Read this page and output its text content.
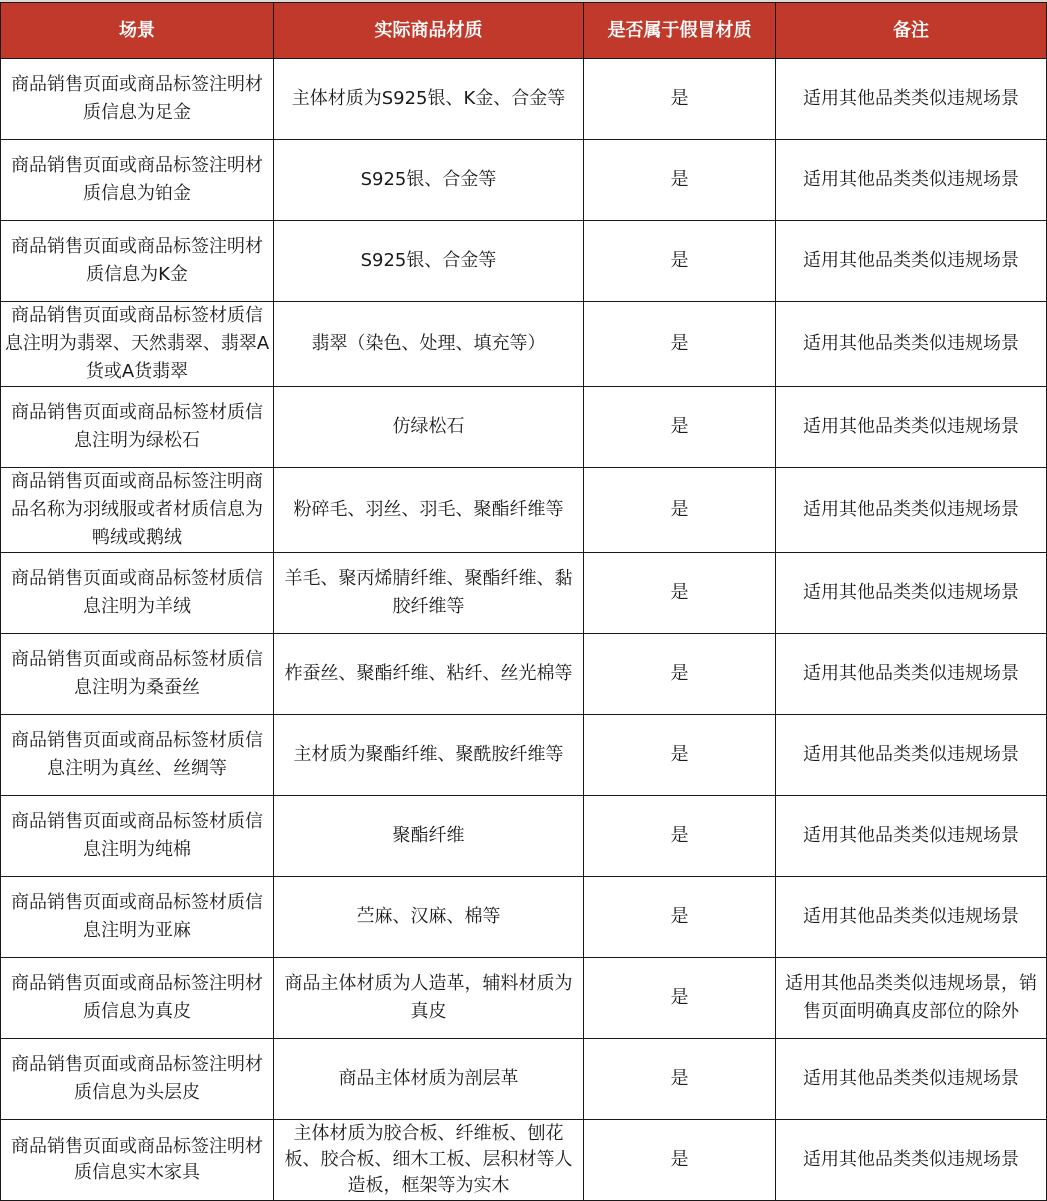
场景	实际商品材质	是否属于假冒材质	备注
商品销售页面或商品标签注明材质信息为足金	主体材质为S925银、K金、合金等	是	适用其他品类类似违规场景
商品销售页面或商品标签注明材质信息为铂金	S925银、合金等	是	适用其他品类类似违规场景
商品销售页面或商品标签注明材质信息为K金	S925银、合金等	是	适用其他品类类似违规场景
商品销售页面或商品标签材质信息注明为翡翠、天然翡翠、翡翠A货或A货翡翠	翡翠（染色、处理、填充等）	是	适用其他品类类似违规场景
商品销售页面或商品标签材质信息注明为绿松石	仿绿松石	是	适用其他品类类似违规场景
商品销售页面或商品标签注明商品名称为羽绒服或者材质信息为鸭绒或鹅绒	粉碎毛、羽丝、羽毛、聚酯纤维等	是	适用其他品类类似违规场景
商品销售页面或商品标签材质信息注明为羊绒	羊毛、聚丙烯腈纤维、聚酯纤维、黏胶纤维等	是	适用其他品类类似违规场景
商品销售页面或商品标签材质信息注明为桑蚕丝	柞蚕丝、聚酯纤维、粘纤、丝光棉等	是	适用其他品类类似违规场景
商品销售页面或商品标签材质信息注明为真丝、丝绸等	主材质为聚酯纤维、聚酰胺纤维等	是	适用其他品类类似违规场景
商品销售页面或商品标签材质信息注明为纯棉	聚酯纤维	是	适用其他品类类似违规场景
商品销售页面或商品标签材质信息注明为亚麻	苎麻、汉麻、棉等	是	适用其他品类类似违规场景
商品销售页面或商品标签注明材质信息为真皮	商品主体材质为人造革，辅料材质为真皮	是	适用其他品类类似违规场景，销售页面明确真皮部位的除外
商品销售页面或商品标签注明材质信息为头层皮	商品主体材质为剖层革	是	适用其他品类类似违规场景
商品销售页面或商品标签注明材质信息实木家具	主体材质为胶合板、纤维板、刨花板、胶合板、细木工板、层积材等人造板，框架等为实木	是	适用其他品类类似违规场景
